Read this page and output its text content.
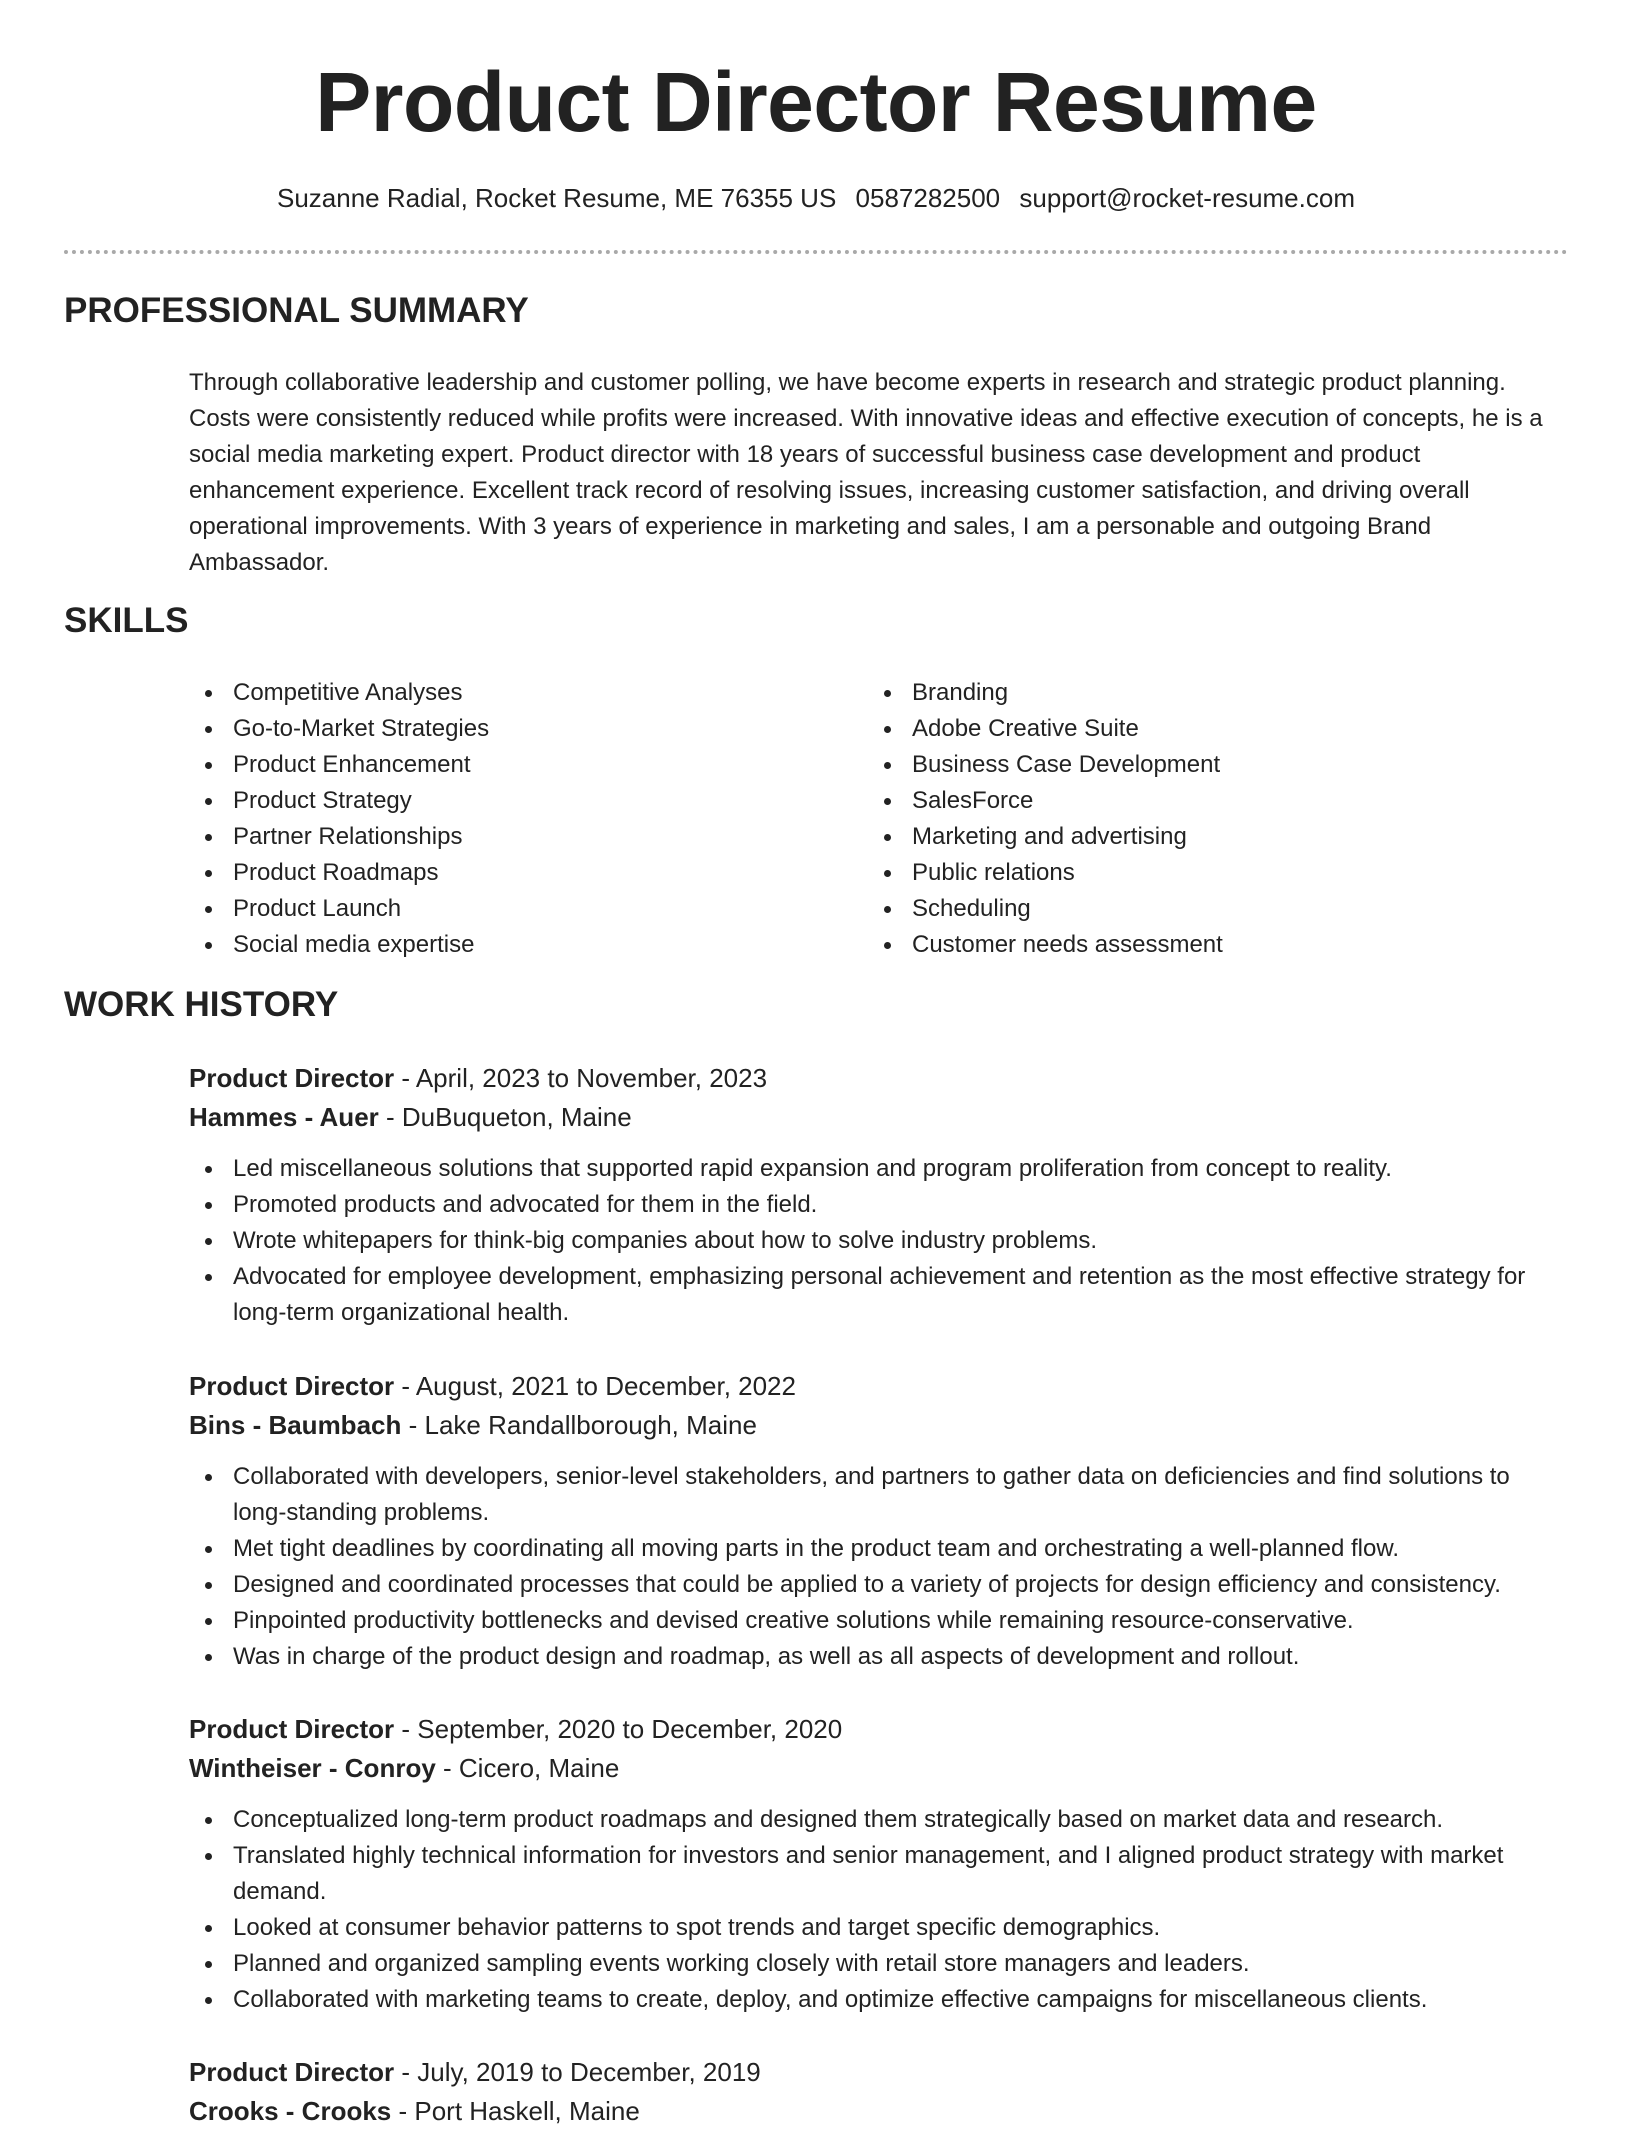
Product Director Resume
Suzanne Radial, Rocket Resume, ME 76355 US 0587282500 support@rocket-resume.com
PROFESSIONAL SUMMARY

Through collaborative leadership and customer polling, we have become experts in research and strategic product planning. Costs were consistently reduced while profits were increased. With innovative ideas and effective execution of concepts, he is a social media marketing expert. Product director with 18 years of successful business case development and product enhancement experience. Excellent track record of resolving issues, increasing customer satisfaction, and driving overall operational improvements. With 3 years of experience in marketing and sales, I am a personable and outgoing Brand Ambassador.

SKILLS
Competitive Analyses
Go-to-Market Strategies
Product Enhancement
Product Strategy
Partner Relationships
Product Roadmaps
Product Launch
Social media expertise
Branding
Adobe Creative Suite
Business Case Development
SalesForce
Marketing and advertising
Public relations
Scheduling
Customer needs assessment
WORK HISTORY
Product Director - April, 2023 to November, 2023
Hammes - Auer - DuBuqueton, Maine
Led miscellaneous solutions that supported rapid expansion and program proliferation from concept to reality.
Promoted products and advocated for them in the field.
Wrote whitepapers for think-big companies about how to solve industry problems.
Advocated for employee development, emphasizing personal achievement and retention as the most effective strategy for long-term organizational health.
Product Director - August, 2021 to December, 2022
Bins - Baumbach - Lake Randallborough, Maine
Collaborated with developers, senior-level stakeholders, and partners to gather data on deficiencies and find solutions to long-standing problems.
Met tight deadlines by coordinating all moving parts in the product team and orchestrating a well-planned flow.
Designed and coordinated processes that could be applied to a variety of projects for design efficiency and consistency.
Pinpointed productivity bottlenecks and devised creative solutions while remaining resource-conservative.
Was in charge of the product design and roadmap, as well as all aspects of development and rollout.
Product Director - September, 2020 to December, 2020
Wintheiser - Conroy - Cicero, Maine
Conceptualized long-term product roadmaps and designed them strategically based on market data and research.
Translated highly technical information for investors and senior management, and I aligned product strategy with market demand.
Looked at consumer behavior patterns to spot trends and target specific demographics.
Planned and organized sampling events working closely with retail store managers and leaders.
Collaborated with marketing teams to create, deploy, and optimize effective campaigns for miscellaneous clients.
Product Director - July, 2019 to December, 2019
Crooks - Crooks - Port Haskell, Maine
